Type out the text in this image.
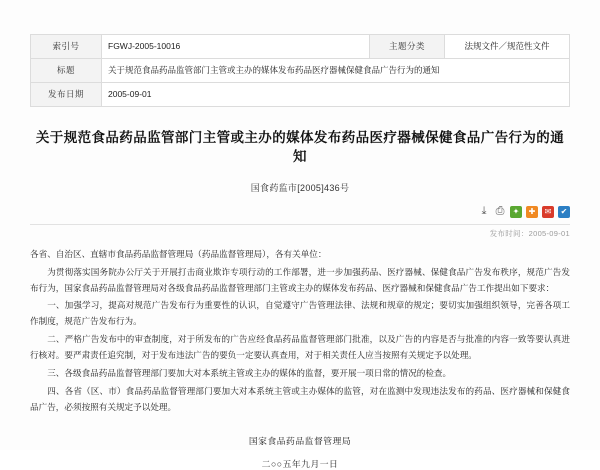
索引号	FGWJ-2005-10016	主题分类	法规文件／规范性文件
标题	关于规范食品药品监管部门主管或主办的媒体发布药品医疗器械保健食品广告行为的通知		
发布日期	2005-09-01		
关于规范食品药品监管部门主管或主办的媒体发布药品医疗器械保健食品广告行为的通知
国食药监市[2005]436号
⤓ ⎙	✦	✚	✉	✔
发布时间：2005-09-01

各省、自治区、直辖市食品药品监督管理局（药品监督管理局），各有关单位：

为贯彻落实国务院办公厅关于开展打击商业欺诈专项行动的工作部署，进一步加强药品、医疗器械、保健食品广告发布秩序，规范广告发布行为，国家食品药品监督管理局对各级食品药品监督管理部门主管或主办的媒体发布药品、医疗器械和保健食品广告工作提出如下要求：

一、加强学习，提高对规范广告发布行为重要性的认识，自觉遵守广告管理法律、法规和规章的规定；要切实加强组织领导，完善各项工作制度，规范广告发布行为。

二、严格广告发布中的审查制度，对于所发布的广告应经食品药品监督管理部门批准，以及广告的内容是否与批准的内容一致等要认真进行核对。要严肃责任追究制，对于发布违法广告的要负一定要认真查用，对于相关责任人应当按照有关规定予以处理。

三、各级食品药品监督管理部门要加大对本系统主管或主办的媒体的监督，要开展一项日常的情况的检查。

四、各省（区、市）食品药品监督管理部门要加大对本系统主管或主办媒体的监管，对在监测中发现违法发布的药品、医疗器械和保健食品广告，必须按照有关规定予以处理。

国家食品药品监督管理局
二○○五年九月一日
